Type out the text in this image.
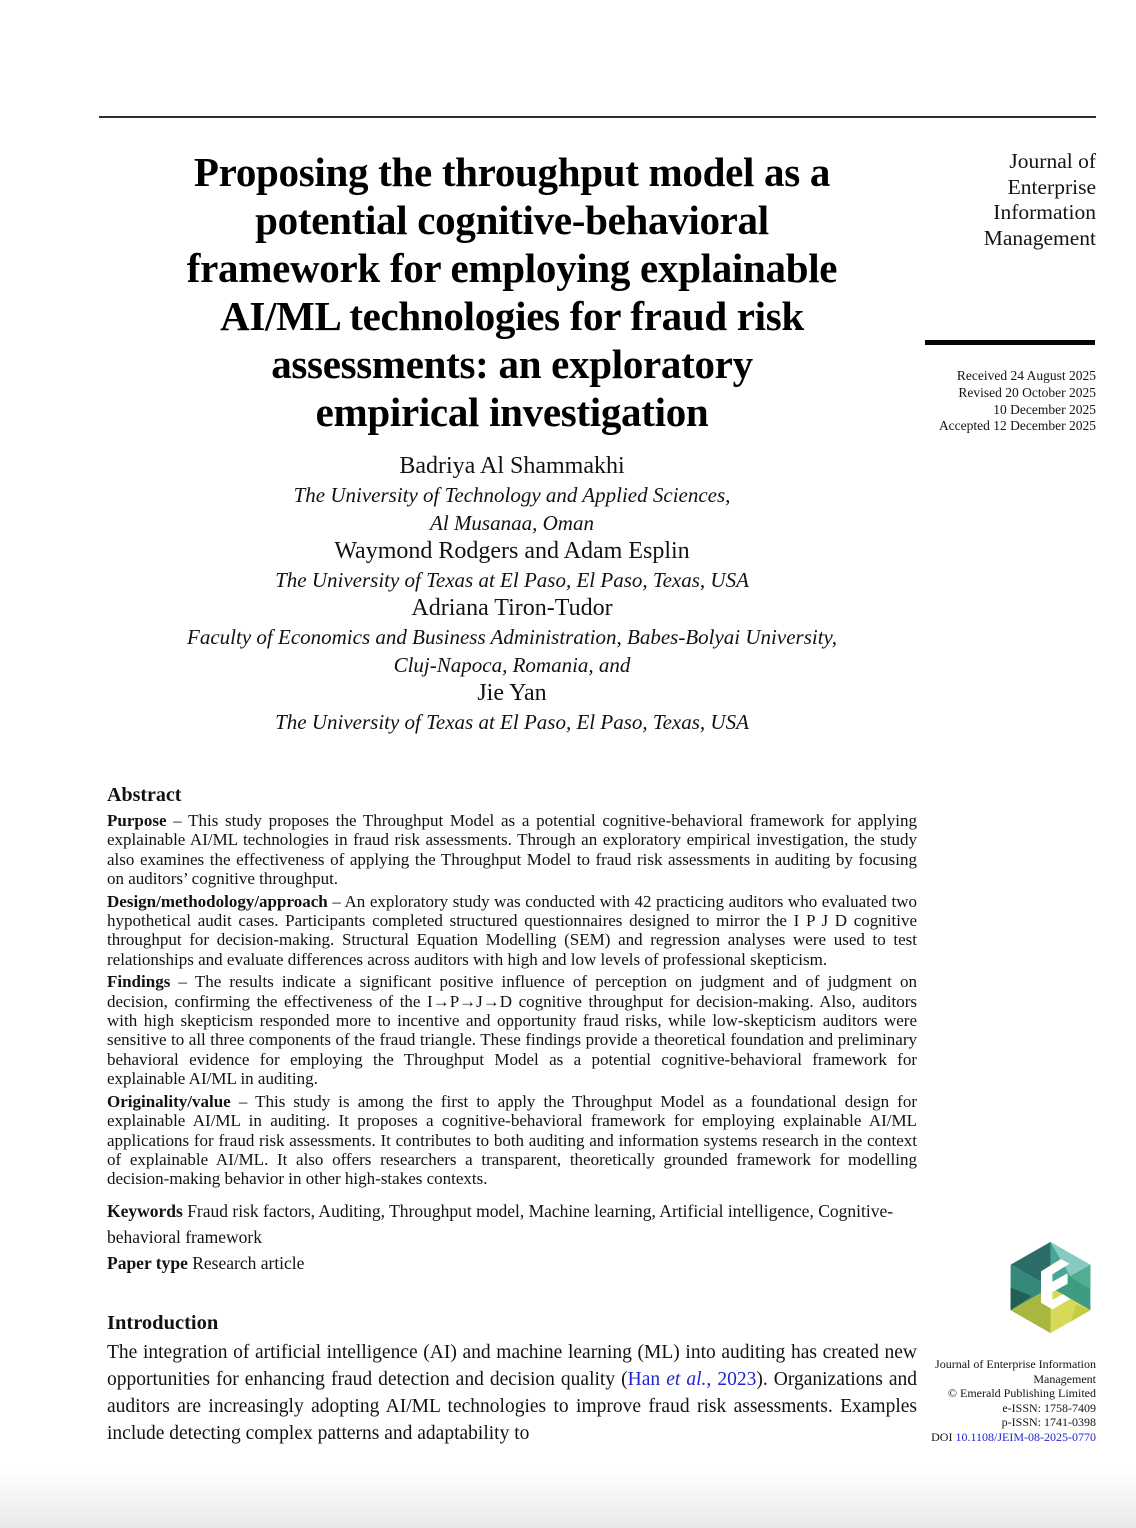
Journal of
Enterprise
Information
Management
Received 24 August 2025
Revised 20 October 2025
10 December 2025
Accepted 12 December 2025
Proposing the throughput model as a
potential cognitive-behavioral
framework for employing explainable
AI/ML technologies for fraud risk
assessments: an exploratory
empirical investigation
Badriya Al Shammakhi
The University of Technology and Applied Sciences,
Al Musanaa, Oman
Waymond Rodgers and Adam Esplin
The University of Texas at El Paso, El Paso, Texas, USA
Adriana Tiron-Tudor
Faculty of Economics and Business Administration, Babes-Bolyai University,
Cluj-Napoca, Romania, and
Jie Yan
The University of Texas at El Paso, El Paso, Texas, USA
Abstract

Purpose – This study proposes the Throughput Model as a potential cognitive-behavioral framework for applying explainable AI/ML technologies in fraud risk assessments. Through an exploratory empirical investigation, the study also examines the effectiveness of applying the Throughput Model to fraud risk assessments in auditing by focusing on auditors’ cognitive throughput.

Design/methodology/approach – An exploratory study was conducted with 42 practicing auditors who evaluated two hypothetical audit cases. Participants completed structured questionnaires designed to mirror the I P J D cognitive throughput for decision-making. Structural Equation Modelling (SEM) and regression analyses were used to test relationships and evaluate differences across auditors with high and low levels of professional skepticism.

Findings – The results indicate a significant positive influence of perception on judgment and of judgment on decision, confirming the effectiveness of the I→P→J→D cognitive throughput for decision-making. Also, auditors with high skepticism responded more to incentive and opportunity fraud risks, while low-skepticism auditors were sensitive to all three components of the fraud triangle. These findings provide a theoretical foundation and preliminary behavioral evidence for employing the Throughput Model as a potential cognitive-behavioral framework for explainable AI/ML in auditing.

Originality/value – This study is among the first to apply the Throughput Model as a foundational design for explainable AI/ML in auditing. It proposes a cognitive-behavioral framework for employing explainable AI/ML applications for fraud risk assessments. It contributes to both auditing and information systems research in the context of explainable AI/ML. It also offers researchers a transparent, theoretically grounded framework for modelling decision-making behavior in other high-stakes contexts.

Keywords Fraud risk factors, Auditing, Throughput model, Machine learning, Artificial intelligence, Cognitive-behavioral framework

Paper type Research article

Introduction

The integration of artificial intelligence (AI) and machine learning (ML) into auditing has created new opportunities for enhancing fraud detection and decision quality (Han et al., 2023). Organizations and auditors are increasingly adopting AI/ML technologies to improve fraud risk assessments. Examples include detecting complex patterns and adaptability to

Journal of Enterprise Information
Management
© Emerald Publishing Limited
e-ISSN: 1758-7409
p-ISSN: 1741-0398
DOI 10.1108/JEIM-08-2025-0770
